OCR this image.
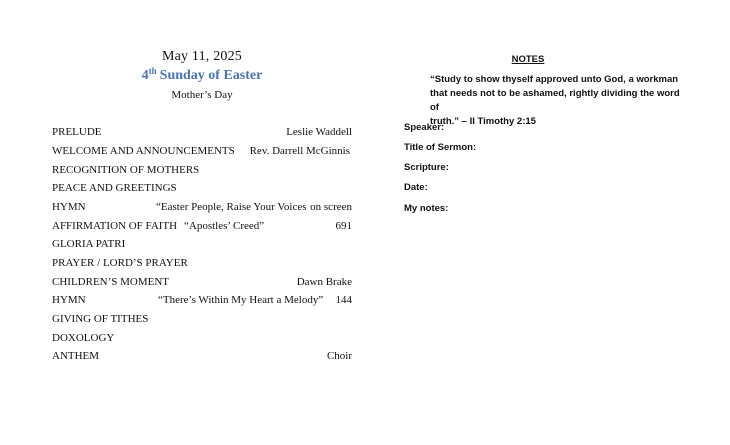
May 11, 2025
4th Sunday of Easter
Mother’s Day
PRELUDE	Leslie Waddell
WELCOME AND ANNOUNCEMENTS Rev. Darrell McGinnis
RECOGNITION OF MOTHERS
PEACE AND GREETINGS
HYMN	“Easter People, Raise Your Voices on screen
AFFIRMATION OF FAITH “Apostles’ Creed”	691
GLORIA PATRI
PRAYER / LORD’S PRAYER
CHILDREN’S MOMENT	Dawn Brake
HYMN	“There’s Within My Heart a Melody” 144
GIVING OF TITHES
DOXOLOGY
ANTHEM	Choir
NOTES
“Study to show thyself approved unto God, a workman
that needs not to be ashamed, rightly dividing the word of
truth.” – II Timothy 2:15
Speaker:
Title of Sermon:
Scripture:
Date:
My notes:
